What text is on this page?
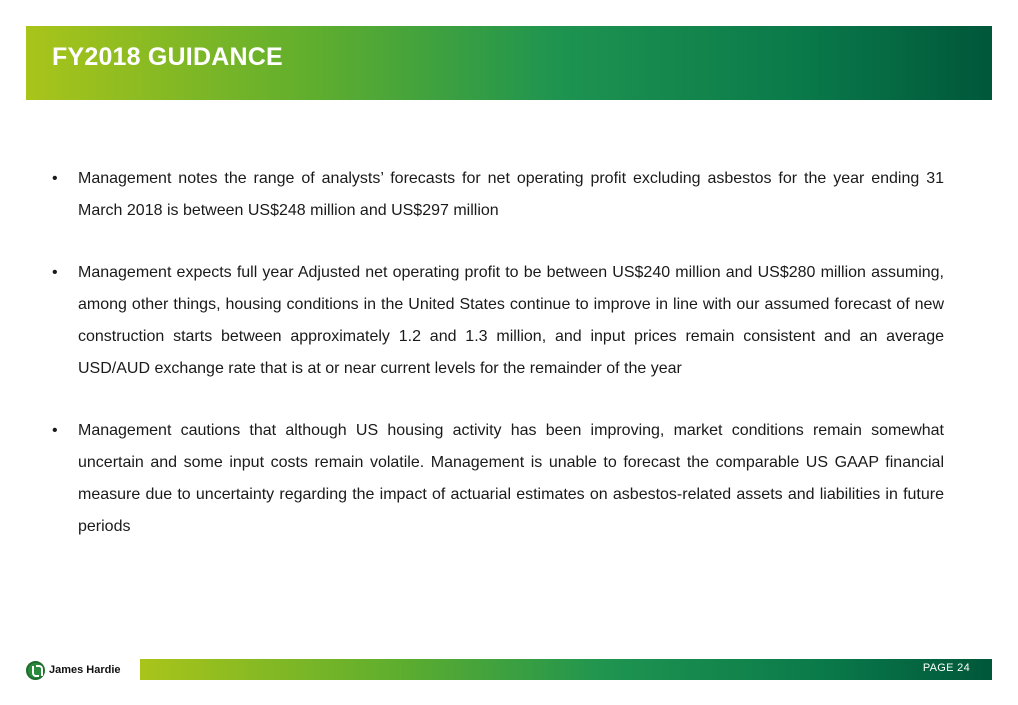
FY2018 GUIDANCE

•	Management notes the range of analysts’ forecasts for net operating profit excluding asbestos for the year ending 31 March 2018 is between US$248 million and US$297 million

•	Management expects full year Adjusted net operating profit to be between US$240 million and US$280 million assuming, among other things, housing conditions in the United States continue to improve in line with our assumed forecast of new construction starts between approximately 1.2 and 1.3 million, and input prices remain consistent and an average USD/AUD exchange rate that is at or near current levels for the remainder of the year

•	Management cautions that although US housing activity has been improving, market conditions remain somewhat uncertain and some input costs remain volatile. Management is unable to forecast the comparable US GAAP financial measure due to uncertainty regarding the impact of actuarial estimates on asbestos-related assets and liabilities in future periods

James Hardie	PAGE 24
